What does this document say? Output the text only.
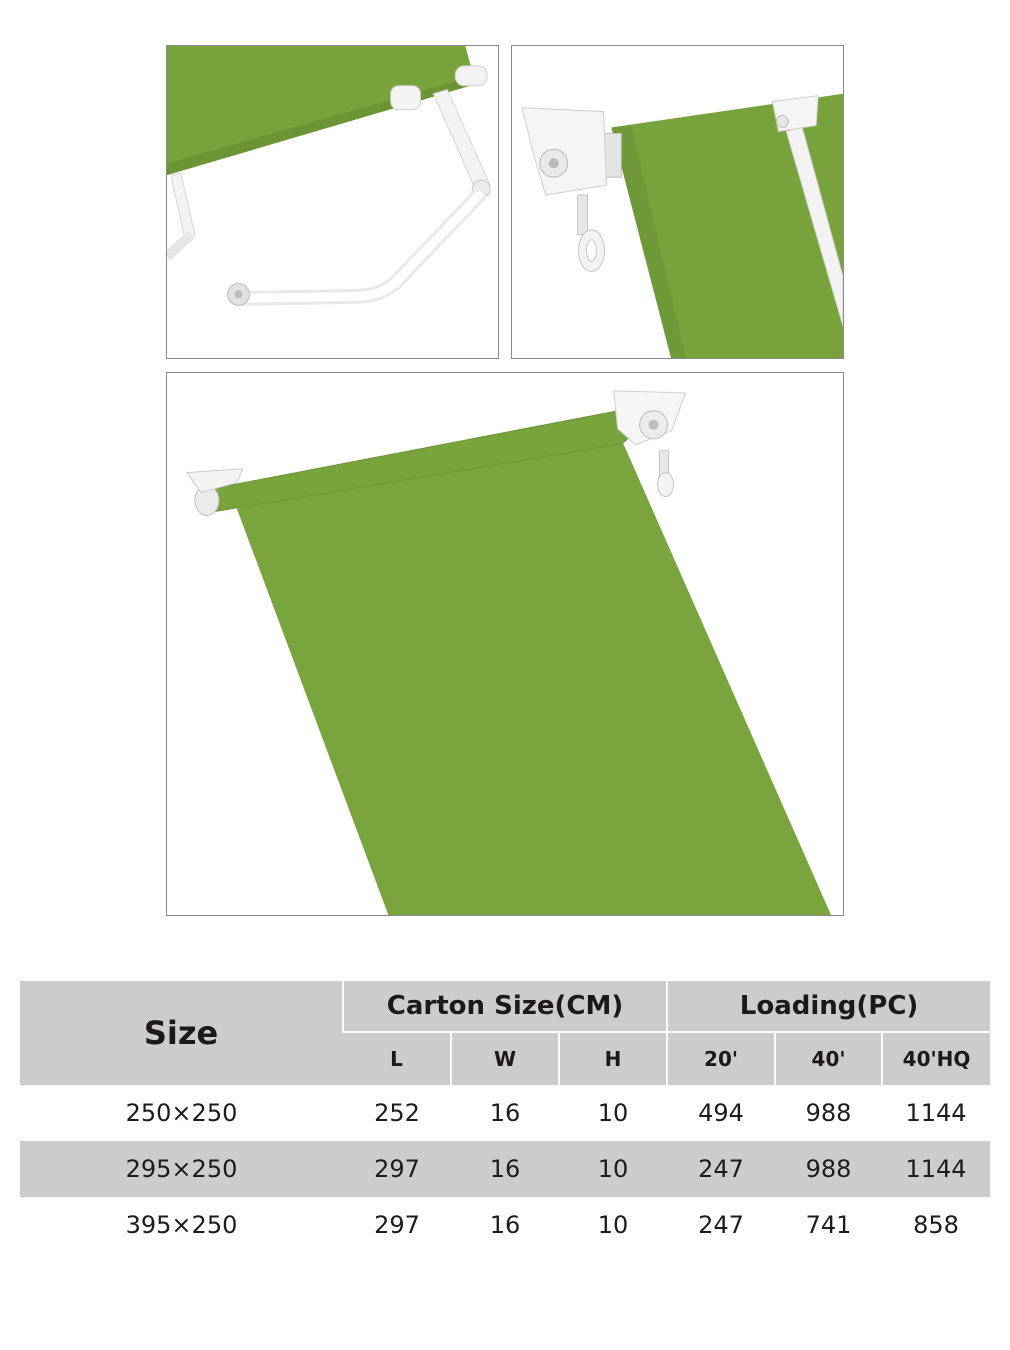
Size	Carton Size(CM)			Loading(PC)		
	L	W	H	20'	40'	40'HQ
250×250	252	16	10	494	988	1144
295×250	297	16	10	247	988	1144
395×250	297	16	10	247	741	858
